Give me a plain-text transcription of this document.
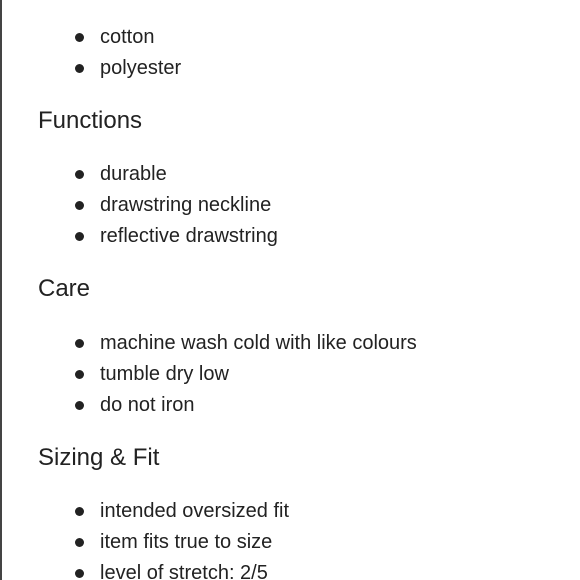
cotton
polyester
Functions
durable
drawstring neckline
reflective drawstring
Care
machine wash cold with like colours
tumble dry low
do not iron
Sizing & Fit
intended oversized fit
item fits true to size
level of stretch: 2/5
